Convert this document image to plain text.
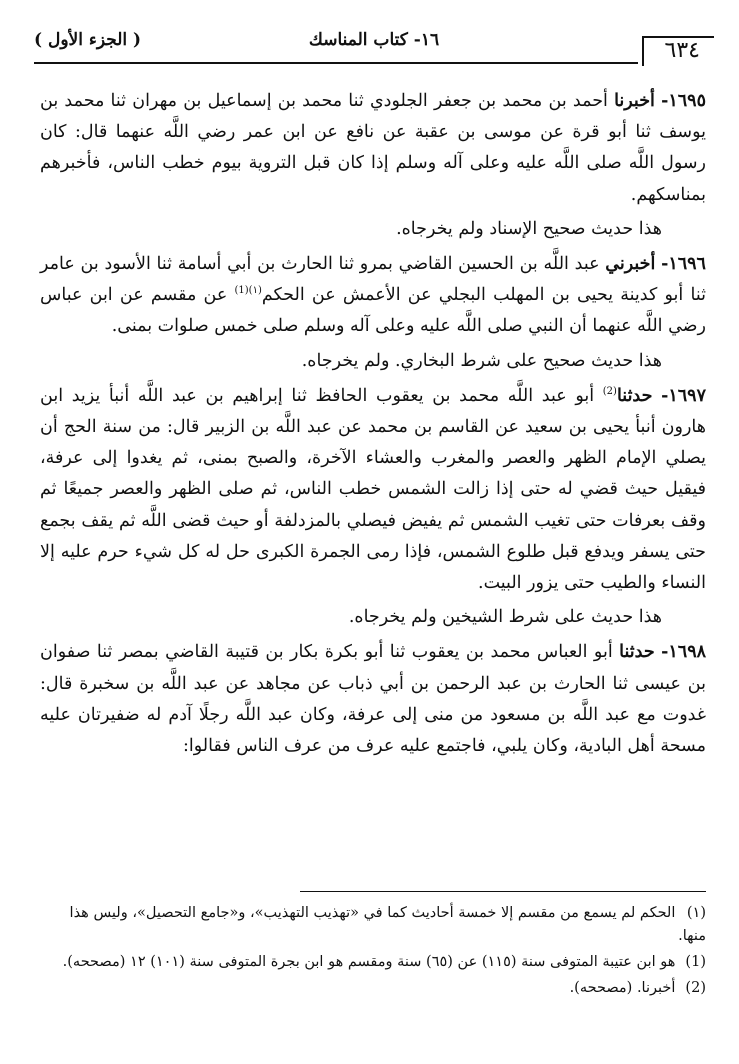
٦٣٤
١٦- كتاب المناسك
( الجزء الأول )

١٦٩٥- أخبرنا أحمد بن محمد بن جعفر الجلودي ثنا محمد بن إسماعيل بن مهران ثنا محمد بن يوسف ثنا أبو قرة عن موسى بن عقبة عن نافع عن ابن عمر رضي اللَّه عنهما قال: كان رسول اللَّه صلى اللَّه عليه وعلى آله وسلم إذا كان قبل التروية بيوم خطب الناس، فأخبرهم بمناسكهم.

هذا حديث صحيح الإسناد ولم يخرجاه.

١٦٩٦- أخبرني عبد اللَّه بن الحسين القاضي بمرو ثنا الحارث بن أبي أسامة ثنا الأسود بن عامر ثنا أبو كدينة يحيى بن المهلب البجلي عن الأعمش عن الحكم$^{(١)(1)}$ عن مقسم عن ابن عباس رضي اللَّه عنهما أن النبي صلى اللَّه عليه وعلى آله وسلم صلى خمس صلوات بمنى.

هذا حديث صحيح على شرط البخاري. ولم يخرجاه.

١٦٩٧- حدثنا$^{(2)}$ أبو عبد اللَّه محمد بن يعقوب الحافظ ثنا إبراهيم بن عبد اللَّه أنبأ يزيد ابن هارون أنبأ يحيى بن سعيد عن القاسم بن محمد عن عبد اللَّه بن الزبير قال: من سنة الحج أن يصلي الإمام الظهر والعصر والمغرب والعشاء الآخرة، والصبح بمنى، ثم يغدوا إلى عرفة، فيقيل حيث قضي له حتى إذا زالت الشمس خطب الناس، ثم صلى الظهر والعصر جميعًا ثم وقف بعرفات حتى تغيب الشمس ثم يفيض فيصلي بالمزدلفة أو حيث قضى اللَّه ثم يقف بجمع حتى يسفر ويدفع قبل طلوع الشمس، فإذا رمى الجمرة الكبرى حل له كل شيء حرم عليه إلا النساء والطيب حتى يزور البيت.

هذا حديث على شرط الشيخين ولم يخرجاه.

١٦٩٨- حدثنا أبو العباس محمد بن يعقوب ثنا أبو بكرة بكار بن قتيبة القاضي بمصر ثنا صفوان بن عيسى ثنا الحارث بن عبد الرحمن بن أبي ذباب عن مجاهد عن عبد اللَّه بن سخبرة قال: غدوت مع عبد اللَّه بن مسعود من منى إلى عرفة، وكان عبد اللَّه رجلًا آدم له ضفيرتان عليه مسحة أهل البادية، وكان يلبي، فاجتمع عليه عرف من عرف الناس فقالوا:

(١) الحكم لم يسمع من مقسم إلا خمسة أحاديث كما في «تهذيب التهذيب»، و«جامع التحصيل»، وليس هذا منها.

(1) هو ابن عتيبة المتوفى سنة (١١٥) عن (٦٥) سنة ومقسم هو ابن بجرة المتوفى سنة (١٠١) ١٢ (مصححه).

(2) أخبرنا. (مصححه).
